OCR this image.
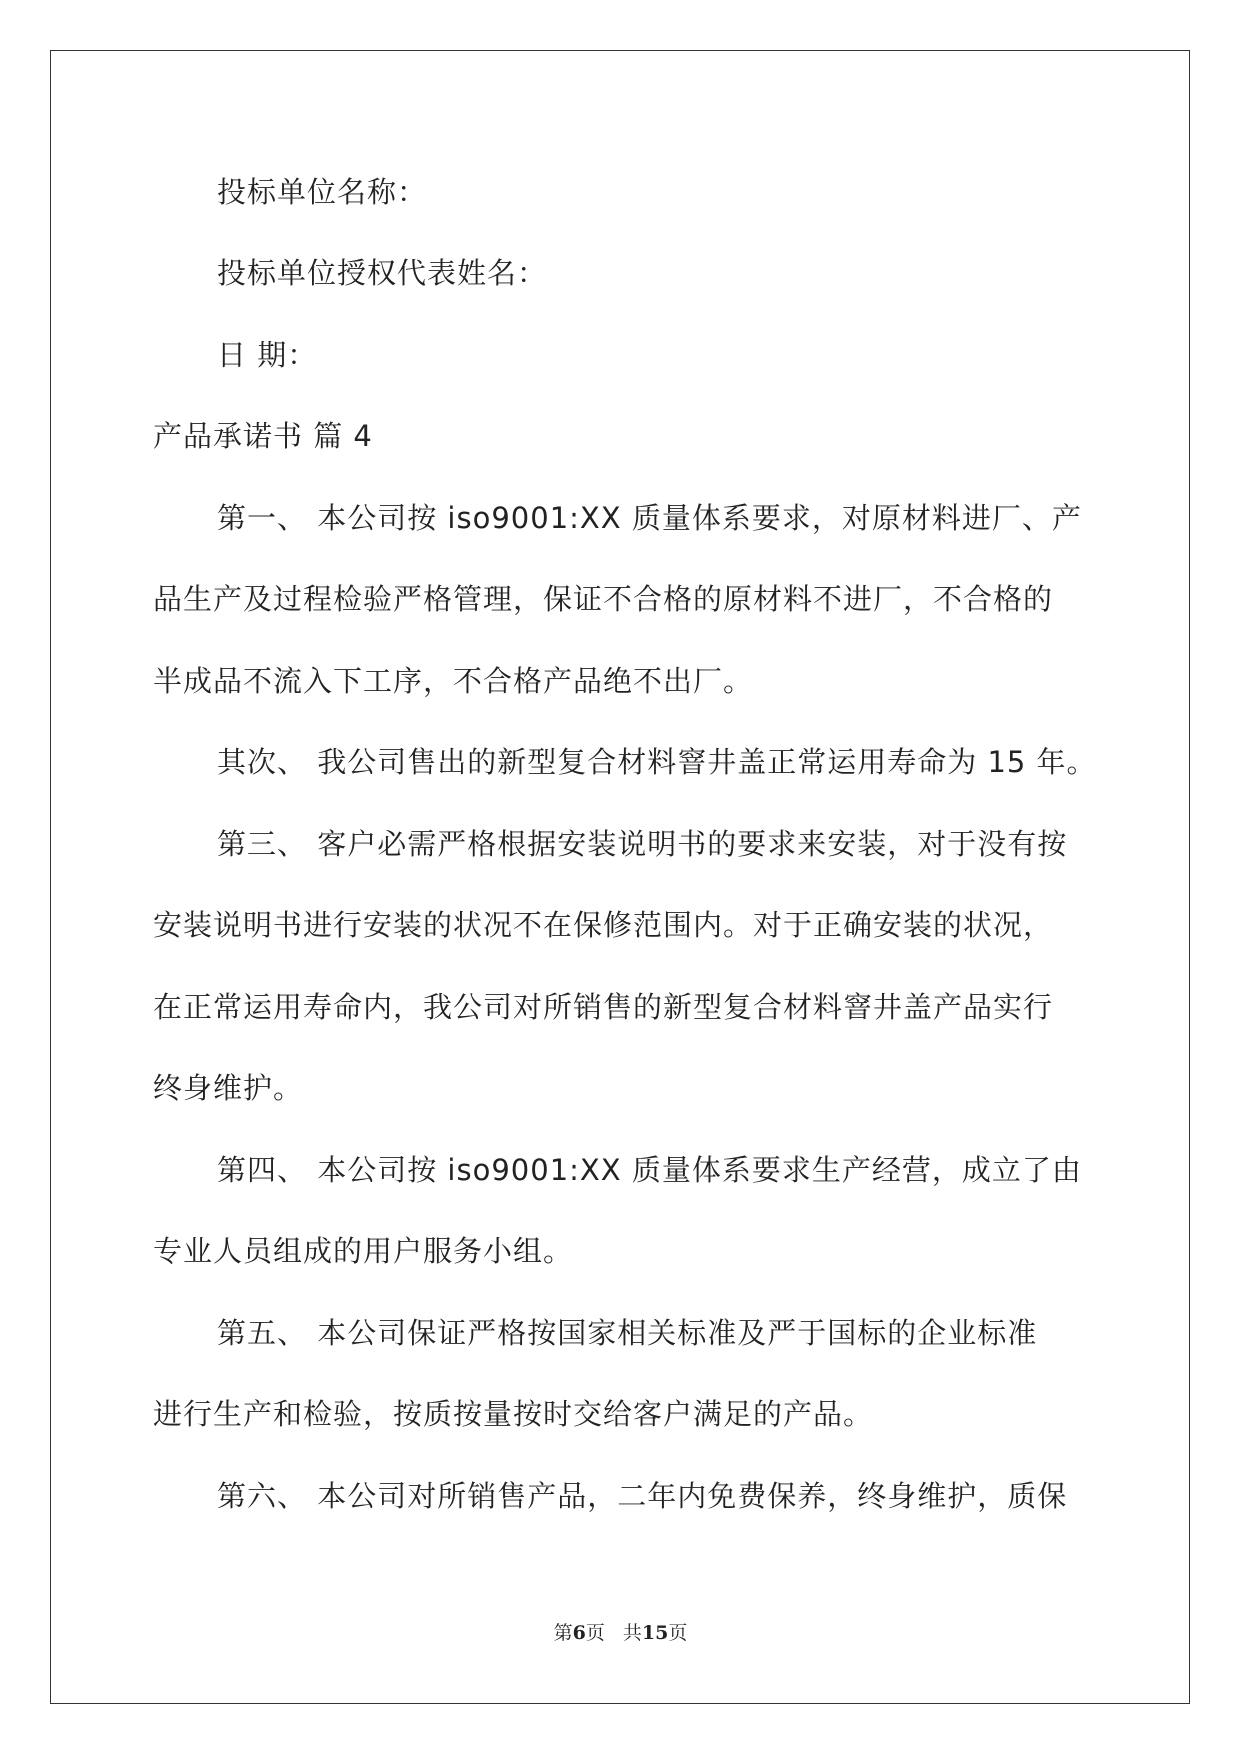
投标单位名称：
投标单位授权代表姓名：
日 期：
产品承诺书 篇 4
第一、 本公司按 iso9001:XX 质量体系要求，对原材料进厂、产
品生产及过程检验严格管理，保证不合格的原材料不进厂，不合格的
半成品不流入下工序，不合格产品绝不出厂。
其次、 我公司售出的新型复合材料窨井盖正常运用寿命为 15 年。
第三、 客户必需严格根据安装说明书的要求来安装，对于没有按
安装说明书进行安装的状况不在保修范围内。对于正确安装的状况，
在正常运用寿命内，我公司对所销售的新型复合材料窨井盖产品实行
终身维护。
第四、 本公司按 iso9001:XX 质量体系要求生产经营，成立了由
专业人员组成的用户服务小组。
第五、 本公司保证严格按国家相关标准及严于国标的企业标准
进行生产和检验，按质按量按时交给客户满足的产品。
第六、 本公司对所销售产品，二年内免费保养，终身维护，质保
第6页 共15页
